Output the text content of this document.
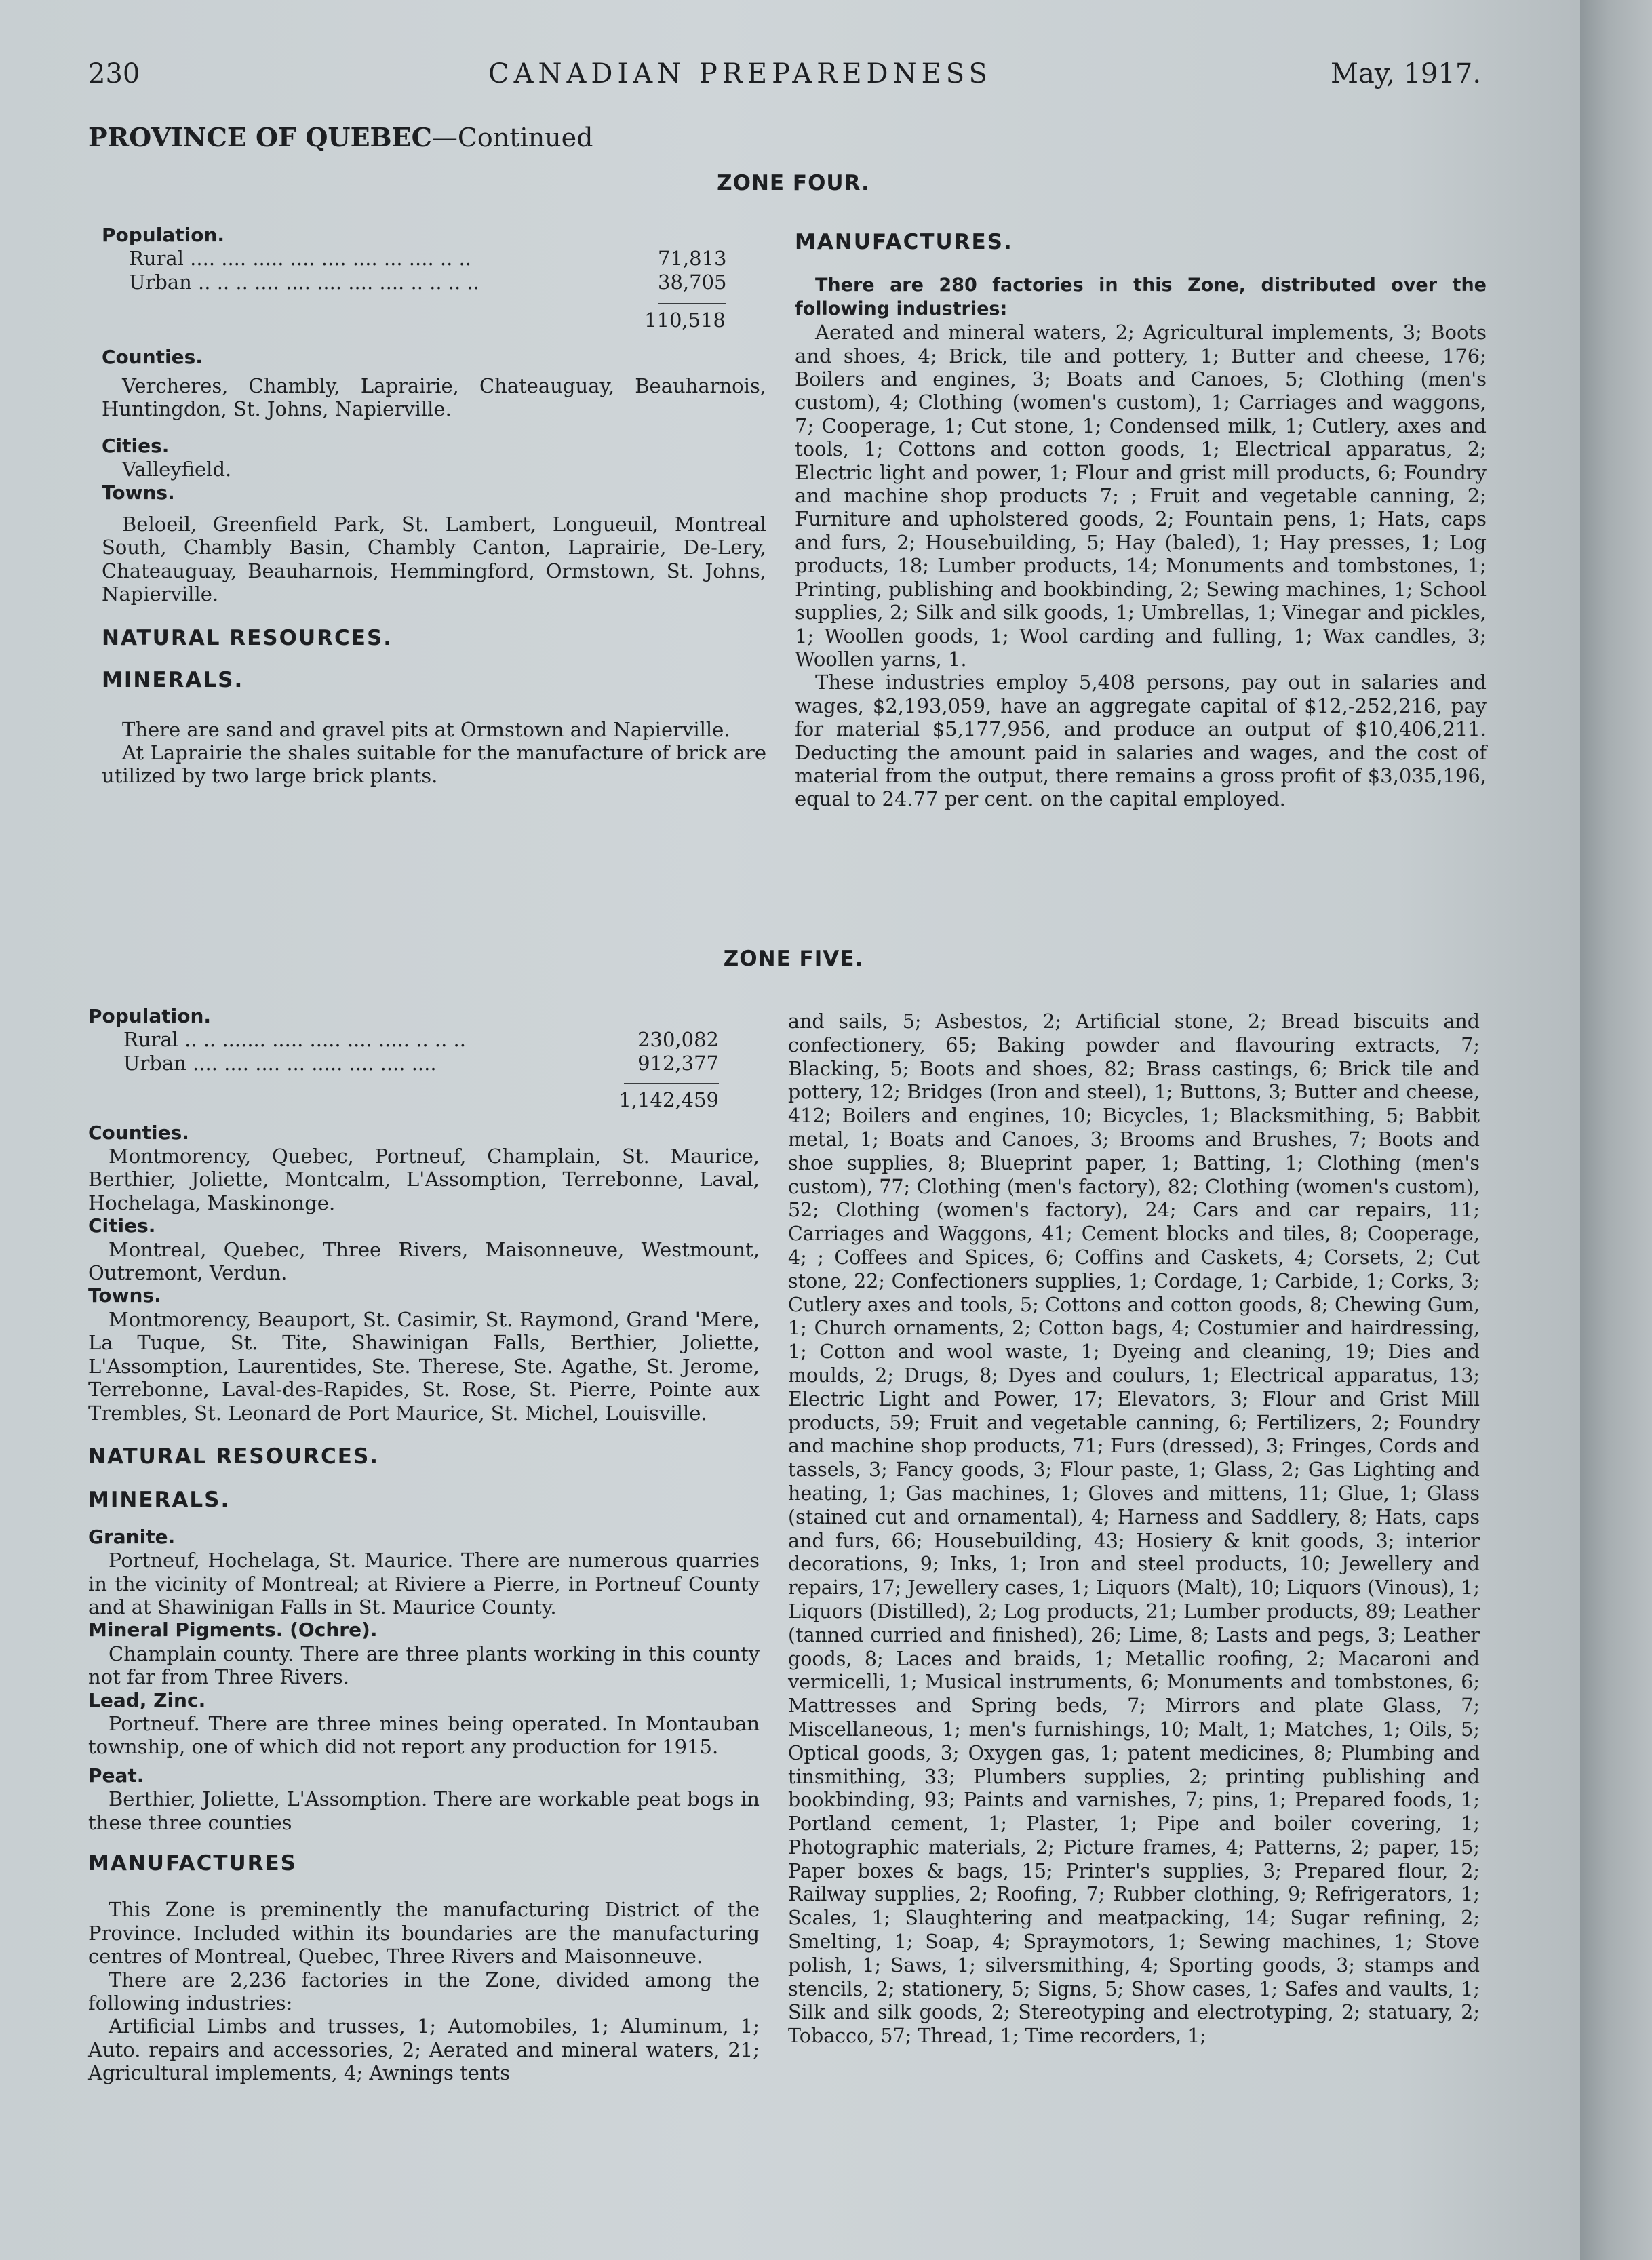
230	CANADIAN PREPAREDNESS	May, 1917.
PROVINCE OF QUEBEC—Continued
ZONE FOUR.

Population.

Rural .... .... ..... .... .... .... ... .... .. ..	71,813
Urban .. .. .. .... .... .... .... .... .. .. .. ..	38,705
110,518

Counties.

Vercheres, Chambly, Laprairie, Chateauguay, Beauharnois, Huntingdon, St. Johns, Napierville.

Cities.

Valleyfield.

Towns.

Beloeil, Greenfield Park, St. Lambert, Longueuil, Montreal South, Chambly Basin, Chambly Canton, Laprairie, De-Lery, Chateauguay, Beauharnois, Hemmingford, Ormstown, St. Johns, Napierville.

NATURAL RESOURCES.

MINERALS.

There are sand and gravel pits at Ormstown and Napierville.

At Laprairie the shales suitable for the manufacture of brick are utilized by two large brick plants.

MANUFACTURES.

There are 280 factories in this Zone, distributed over the following industries:

Aerated and mineral waters, 2; Agricultural implements, 3; Boots and shoes, 4; Brick, tile and pottery, 1; Butter and cheese, 176; Boilers and engines, 3; Boats and Canoes, 5; Clothing (men's custom), 4; Clothing (women's custom), 1; Carriages and waggons, 7; Cooperage, 1; Cut stone, 1; Condensed milk, 1; Cutlery, axes and tools, 1; Cottons and cotton goods, 1; Electrical apparatus, 2; Electric light and power, 1; Flour and grist mill products, 6; Foundry and machine shop products 7; ; Fruit and vegetable canning, 2; Furniture and upholstered goods, 2; Fountain pens, 1; Hats, caps and furs, 2; Housebuilding, 5; Hay (baled), 1; Hay presses, 1; Log products, 18; Lumber products, 14; Monuments and tombstones, 1; Printing, publishing and bookbinding, 2; Sewing machines, 1; School supplies, 2; Silk and silk goods, 1; Umbrellas, 1; Vinegar and pickles, 1; Woollen goods, 1; Wool carding and fulling, 1; Wax candles, 3; Woollen yarns, 1.

These industries employ 5,408 persons, pay out in salaries and wages, $2,193,059, have an aggregate capital of $12,-252,216, pay for material $5,177,956, and produce an output of $10,406,211. Deducting the amount paid in salaries and wages, and the cost of material from the output, there remains a gross profit of $3,035,196, equal to 24.77 per cent. on the capital employed.

ZONE FIVE.

Population.

Rural .. .. ....... ..... ..... .... ..... .. .. ..	230,082
Urban .... .... .... ... ..... .... .... ....	912,377
1,142,459

Counties.

Montmorency, Quebec, Portneuf, Champlain, St. Maurice, Berthier, Joliette, Montcalm, L'Assomption, Terrebonne, Laval, Hochelaga, Maskinonge.

Cities.

Montreal, Quebec, Three Rivers, Maisonneuve, Westmount, Outremont, Verdun.

Towns.

Montmorency, Beauport, St. Casimir, St. Raymond, Grand 'Mere, La Tuque, St. Tite, Shawinigan Falls, Berthier, Joliette, L'Assomption, Laurentides, Ste. Therese, Ste. Agathe, St. Jerome, Terrebonne, Laval-des-Rapides, St. Rose, St. Pierre, Pointe aux Trembles, St. Leonard de Port Maurice, St. Michel, Louisville.

NATURAL RESOURCES.

MINERALS.

Granite.

Portneuf, Hochelaga, St. Maurice. There are numerous quarries in the vicinity of Montreal; at Riviere a Pierre, in Portneuf County and at Shawinigan Falls in St. Maurice County.

Mineral Pigments. (Ochre).

Champlain county. There are three plants working in this county not far from Three Rivers.

Lead, Zinc.

Portneuf. There are three mines being operated. In Montauban township, one of which did not report any production for 1915.

Peat.

Berthier, Joliette, L'Assomption. There are workable peat bogs in these three counties

MANUFACTURES

This Zone is preminently the manufacturing District of the Province. Included within its boundaries are the manufacturing centres of Montreal, Quebec, Three Rivers and Maisonneuve.

There are 2,236 factories in the Zone, divided among the following industries:

Artificial Limbs and trusses, 1; Automobiles, 1; Aluminum, 1; Auto. repairs and accessories, 2; Aerated and mineral waters, 21; Agricultural implements, 4; Awnings tents

and sails, 5; Asbestos, 2; Artificial stone, 2; Bread biscuits and confectionery, 65; Baking powder and flavouring extracts, 7; Blacking, 5; Boots and shoes, 82; Brass castings, 6; Brick tile and pottery, 12; Bridges (Iron and steel), 1; Buttons, 3; Butter and cheese, 412; Boilers and engines, 10; Bicycles, 1; Blacksmithing, 5; Babbit metal, 1; Boats and Canoes, 3; Brooms and Brushes, 7; Boots and shoe supplies, 8; Blueprint paper, 1; Batting, 1; Clothing (men's custom), 77; Clothing (men's factory), 82; Clothing (women's custom), 52; Clothing (women's factory), 24; Cars and car repairs, 11; Carriages and Waggons, 41; Cement blocks and tiles, 8; Cooperage, 4; ; Coffees and Spices, 6; Coffins and Caskets, 4; Corsets, 2; Cut stone, 22; Confectioners supplies, 1; Cordage, 1; Carbide, 1; Corks, 3; Cutlery axes and tools, 5; Cottons and cotton goods, 8; Chewing Gum, 1; Church ornaments, 2; Cotton bags, 4; Costumier and hairdressing, 1; Cotton and wool waste, 1; Dyeing and cleaning, 19; Dies and moulds, 2; Drugs, 8; Dyes and coulurs, 1; Electrical apparatus, 13; Electric Light and Power, 17; Elevators, 3; Flour and Grist Mill products, 59; Fruit and vegetable canning, 6; Fertilizers, 2; Foundry and machine shop products, 71; Furs (dressed), 3; Fringes, Cords and tassels, 3; Fancy goods, 3; Flour paste, 1; Glass, 2; Gas Lighting and heating, 1; Gas machines, 1; Gloves and mittens, 11; Glue, 1; Glass (stained cut and ornamental), 4; Harness and Saddlery, 8; Hats, caps and furs, 66; Housebuilding, 43; Hosiery & knit goods, 3; interior decorations, 9; Inks, 1; Iron and steel products, 10; Jewellery and repairs, 17; Jewellery cases, 1; Liquors (Malt), 10; Liquors (Vinous), 1; Liquors (Distilled), 2; Log products, 21; Lumber products, 89; Leather (tanned curried and finished), 26; Lime, 8; Lasts and pegs, 3; Leather goods, 8; Laces and braids, 1; Metallic roofing, 2; Macaroni and vermicelli, 1; Musical instruments, 6; Monuments and tombstones, 6; Mattresses and Spring beds, 7; Mirrors and plate Glass, 7; Miscellaneous, 1; men's furnishings, 10; Malt, 1; Matches, 1; Oils, 5; Optical goods, 3; Oxygen gas, 1; patent medicines, 8; Plumbing and tinsmithing, 33; Plumbers supplies, 2; printing publishing and bookbinding, 93; Paints and varnishes, 7; pins, 1; Prepared foods, 1; Portland cement, 1; Plaster, 1; Pipe and boiler covering, 1; Photographic materials, 2; Picture frames, 4; Patterns, 2; paper, 15; Paper boxes & bags, 15; Printer's supplies, 3; Prepared flour, 2; Railway supplies, 2; Roofing, 7; Rubber clothing, 9; Refrigerators, 1; Scales, 1; Slaughtering and meatpacking, 14; Sugar refining, 2; Smelting, 1; Soap, 4; Spraymotors, 1; Sewing machines, 1; Stove polish, 1; Saws, 1; silversmithing, 4; Sporting goods, 3; stamps and stencils, 2; stationery, 5; Signs, 5; Show cases, 1; Safes and vaults, 1; Silk and silk goods, 2; Stereotyping and electrotyping, 2; statuary, 2; Tobacco, 57; Thread, 1; Time recorders, 1;
